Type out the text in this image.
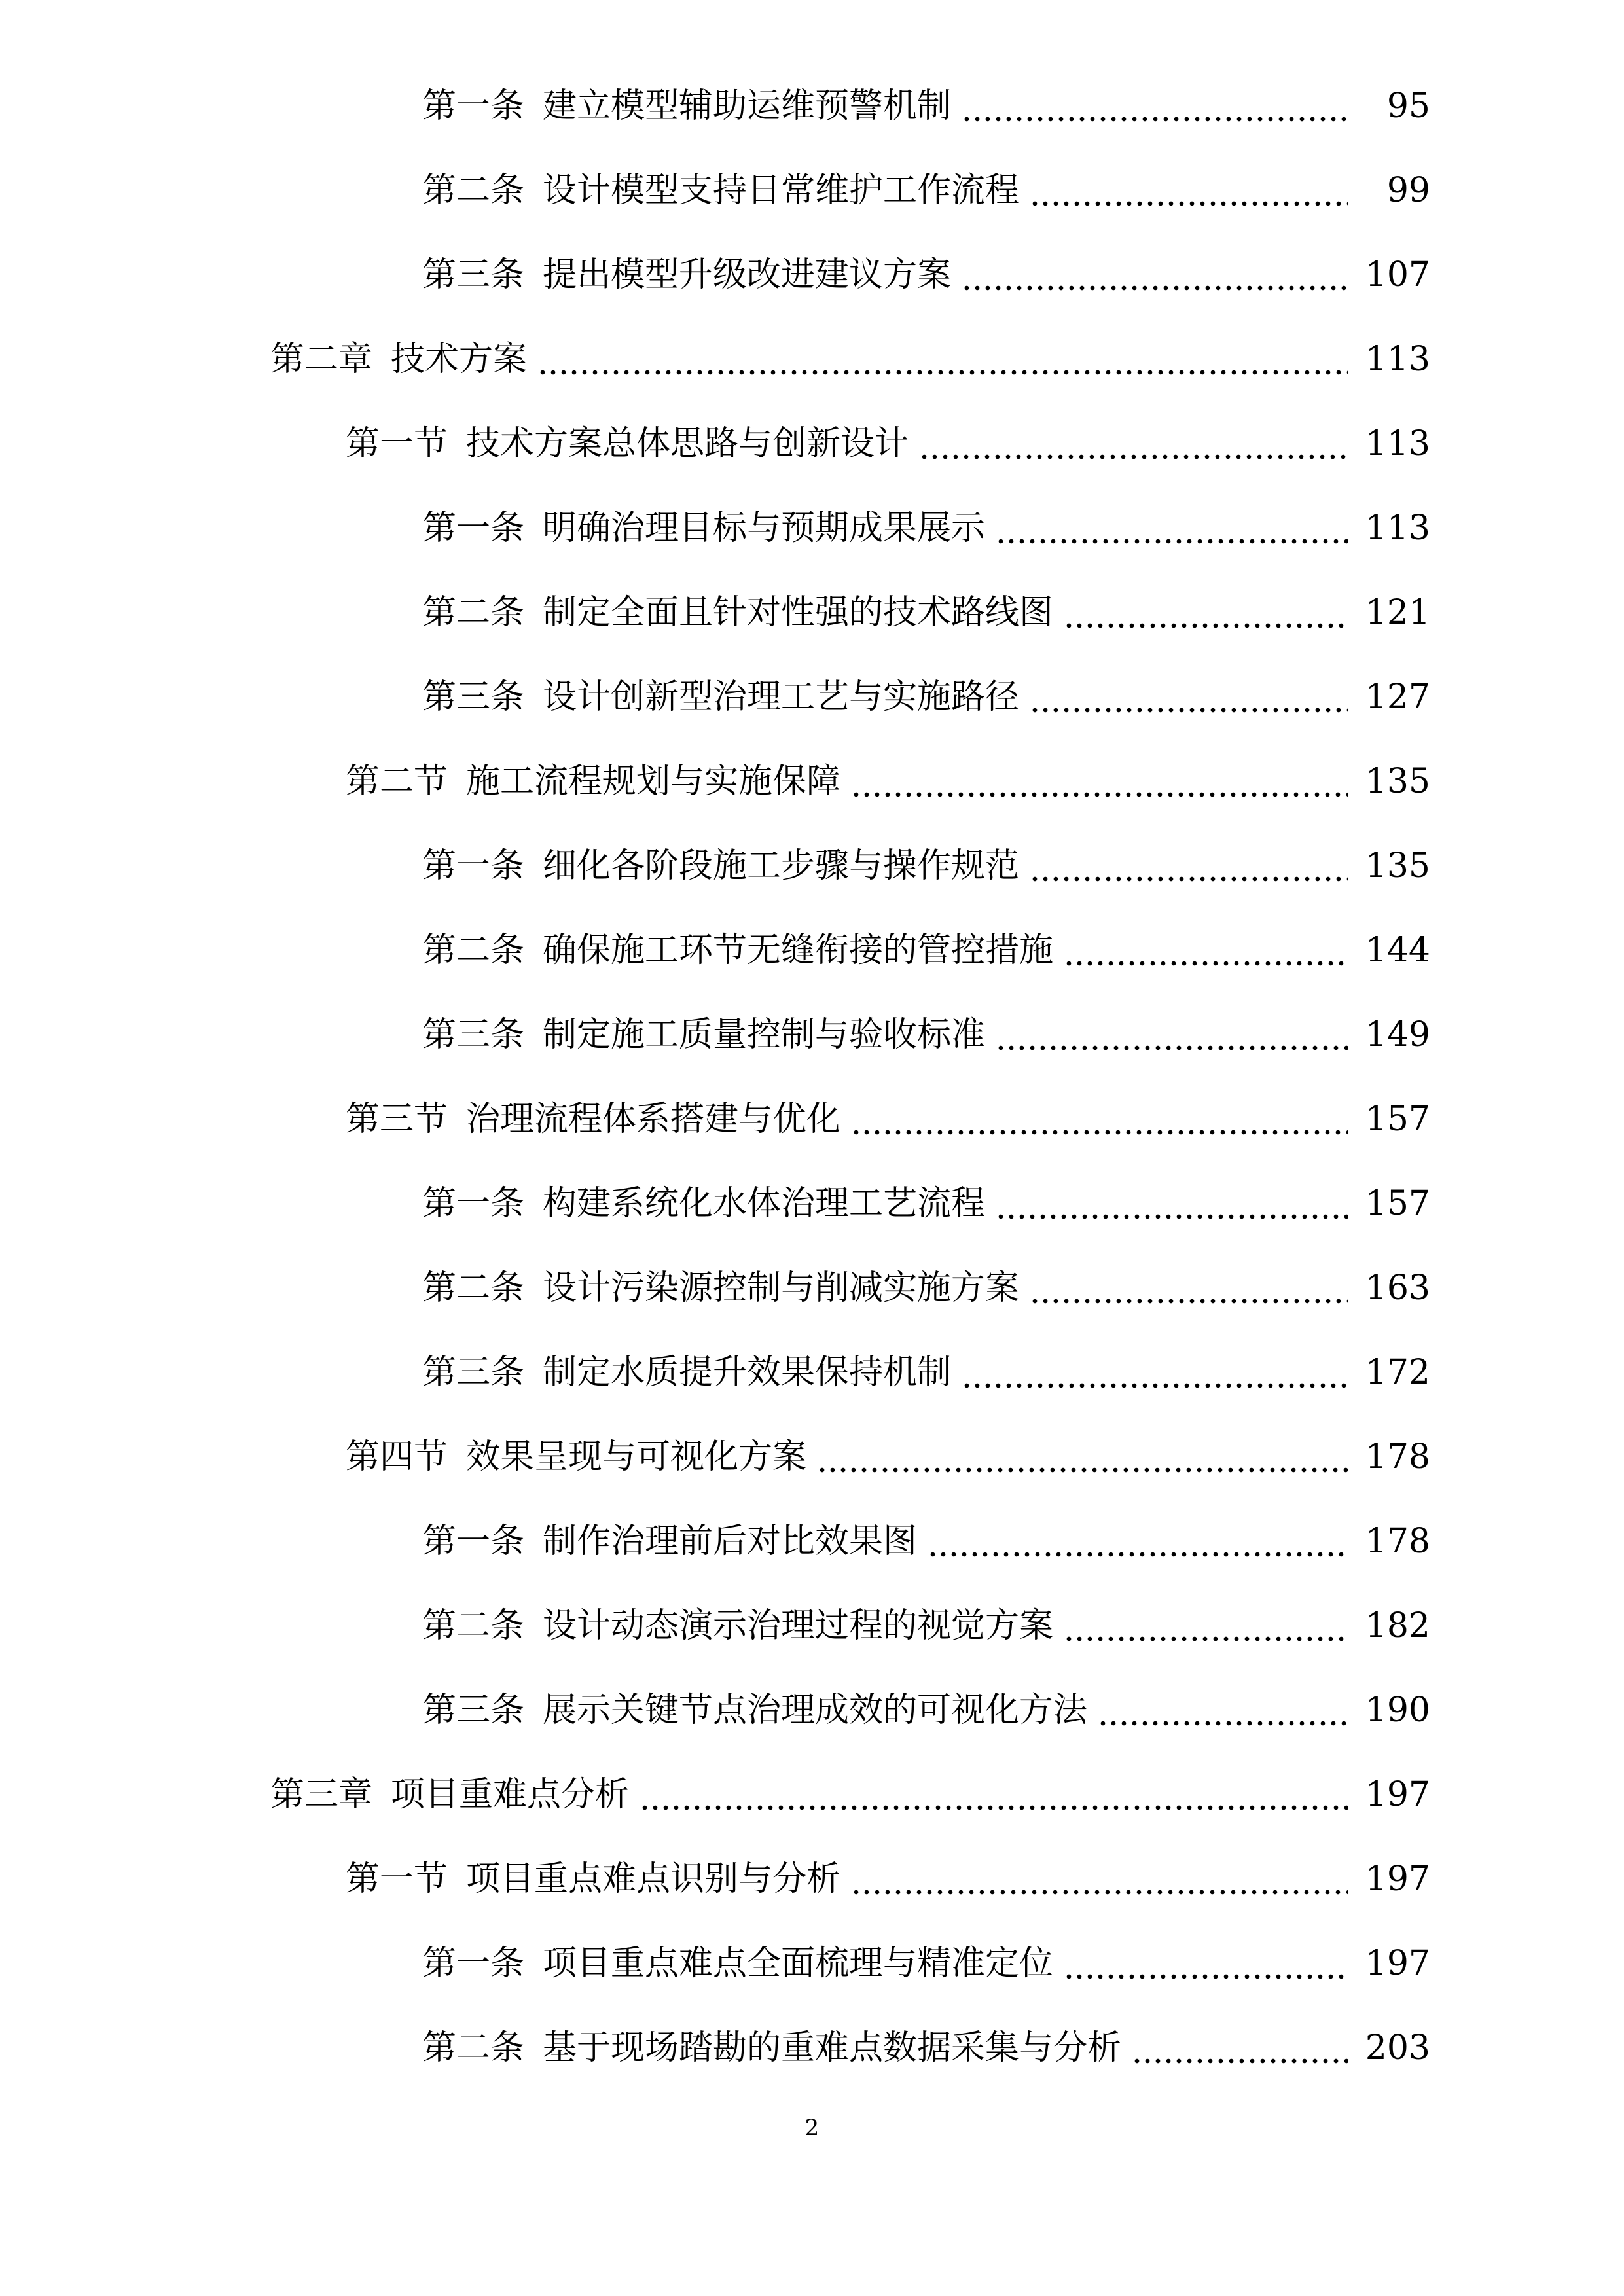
第一条 建立模型辅助运维预警机制	95
第二条 设计模型支持日常维护工作流程	99
第三条 提出模型升级改进建议方案	107
第二章 技术方案	113
第一节 技术方案总体思路与创新设计	113
第一条 明确治理目标与预期成果展示	113
第二条 制定全面且针对性强的技术路线图	121
第三条 设计创新型治理工艺与实施路径	127
第二节 施工流程规划与实施保障	135
第一条 细化各阶段施工步骤与操作规范	135
第二条 确保施工环节无缝衔接的管控措施	144
第三条 制定施工质量控制与验收标准	149
第三节 治理流程体系搭建与优化	157
第一条 构建系统化水体治理工艺流程	157
第二条 设计污染源控制与削减实施方案	163
第三条 制定水质提升效果保持机制	172
第四节 效果呈现与可视化方案	178
第一条 制作治理前后对比效果图	178
第二条 设计动态演示治理过程的视觉方案	182
第三条 展示关键节点治理成效的可视化方法	190
第三章 项目重难点分析	197
第一节 项目重点难点识别与分析	197
第一条 项目重点难点全面梳理与精准定位	197
第二条 基于现场踏勘的重难点数据采集与分析	203
2
